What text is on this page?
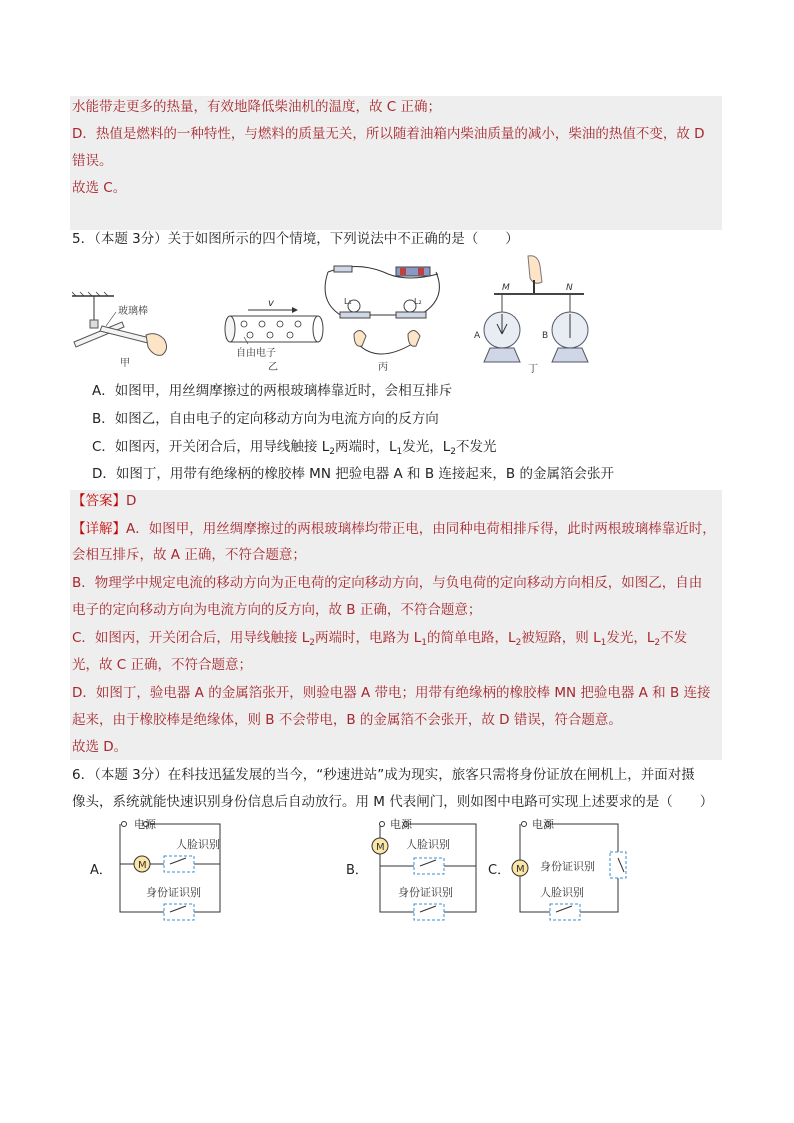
水能带走更多的热量，有效地降低柴油机的温度，故 C 正确；
D．热值是燃料的一种特性，与燃料的质量无关，所以随着油箱内柴油质量的减小，柴油的热值不变，故 D
错误。
故选 C。
5．（本题 3分）关于如图所示的四个情境，下列说法中不正确的是（　　）
玻璃棒
甲
v
自由电子
乙
L₁	L₂
丙
M	N
A	B
丁
A．如图甲，用丝绸摩擦过的两根玻璃棒靠近时，会相互排斥
B．如图乙，自由电子的定向移动方向为电流方向的反方向
C．如图丙，开关闭合后，用导线触接 $L_2$两端时，$L_1$发光，$L_2$不发光
D．如图丁，用带有绝缘柄的橡胶棒 MN 把验电器 A 和 B 连接起来，B 的金属箔会张开
【答案】D
【详解】A．如图甲，用丝绸摩擦过的两根玻璃棒均带正电，由同种电荷相排斥得，此时两根玻璃棒靠近时，
会相互排斥，故 A 正确，不符合题意；
B．物理学中规定电流的移动方向为正电荷的定向移动方向，与负电荷的定向移动方向相反，如图乙，自由
电子的定向移动方向为电流方向的反方向，故 B 正确，不符合题意；
C．如图丙，开关闭合后，用导线触接 $L_2$两端时，电路为 $L_1$的简单电路，$L_2$被短路，则 $L_1$发光，$L_2$不发
光，故 C 正确，不符合题意；
D．如图丁，验电器 A 的金属箔张开，则验电器 A 带电；用带有绝缘柄的橡胶棒 MN 把验电器 A 和 B 连接
起来，由于橡胶棒是绝缘体，则 B 不会带电，B 的金属箔不会张开，故 D 错误，符合题意。
故选 D。
6．（本题 3分）在科技迅猛发展的当今，“秒速进站”成为现实，旅客只需将身份证放在闸机上，并面对摄
像头，系统就能快速识别身份信息后自动放行。用 M 代表闸门，则如图中电路可实现上述要求的是（　　）
A．
电源
M
人脸识别
身份证识别
B．
电源
M 人脸识别
身份证识别
C．
电源
M 身份证识别
人脸识别
